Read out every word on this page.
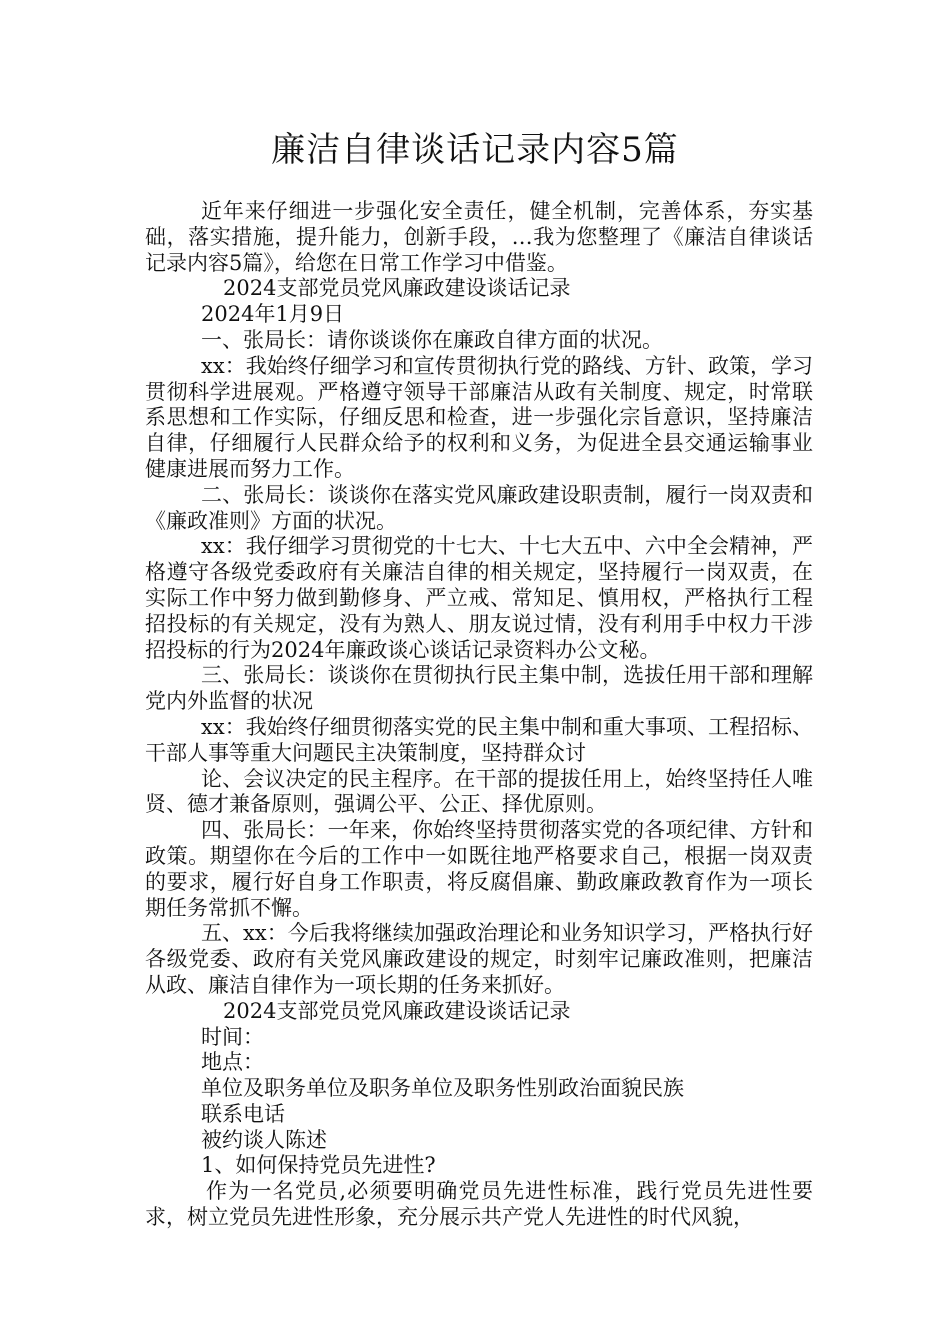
廉洁自律谈话记录内容5篇

近年来仔细进一步强化安全责任，健全机制，完善体系，夯实基础，落实措施，提升能力，创新手段，…我为您整理了《廉洁自律谈话记录内容5篇》，给您在日常工作学习中借鉴。

2024支部党员党风廉政建设谈话记录

2024年1月9日

一、张局长：请你谈谈你在廉政自律方面的状况。

xx：我始终仔细学习和宣传贯彻执行党的路线、方针、政策，学习贯彻科学进展观。严格遵守领导干部廉洁从政有关制度、规定，时常联系思想和工作实际，仔细反思和检查，进一步强化宗旨意识，坚持廉洁自律，仔细履行人民群众给予的权利和义务，为促进全县交通运输事业健康进展而努力工作。

二、张局长：谈谈你在落实党风廉政建设职责制，履行一岗双责和《廉政准则》方面的状况。

xx：我仔细学习贯彻党的十七大、十七大五中、六中全会精神，严格遵守各级党委政府有关廉洁自律的相关规定，坚持履行一岗双责，在实际工作中努力做到勤修身、严立戒、常知足、慎用权，严格执行工程招投标的有关规定，没有为熟人、朋友说过情，没有利用手中权力干涉招投标的行为2024年廉政谈心谈话记录资料办公文秘。

三、张局长：谈谈你在贯彻执行民主集中制，选拔任用干部和理解党内外监督的状况

xx：我始终仔细贯彻落实党的民主集中制和重大事项、工程招标、干部人事等重大问题民主决策制度，坚持群众讨

论、会议决定的民主程序。在干部的提拔任用上，始终坚持任人唯贤、德才兼备原则，强调公平、公正、择优原则。

四、张局长：一年来，你始终坚持贯彻落实党的各项纪律、方针和政策。期望你在今后的工作中一如既往地严格要求自己，根据一岗双责的要求，履行好自身工作职责，将反腐倡廉、勤政廉政教育作为一项长期任务常抓不懈。

五、xx：今后我将继续加强政治理论和业务知识学习，严格执行好各级党委、政府有关党风廉政建设的规定，时刻牢记廉政准则，把廉洁从政、廉洁自律作为一项长期的任务来抓好。

2024支部党员党风廉政建设谈话记录

时间：

地点：

单位及职务单位及职务单位及职务性别政治面貌民族

联系电话

被约谈人陈述

1、如何保持党员先进性?

作为一名党员,必须要明确党员先进性标准，践行党员先进性要求，树立党员先进性形象，充分展示共产党人先进性的时代风貌，
